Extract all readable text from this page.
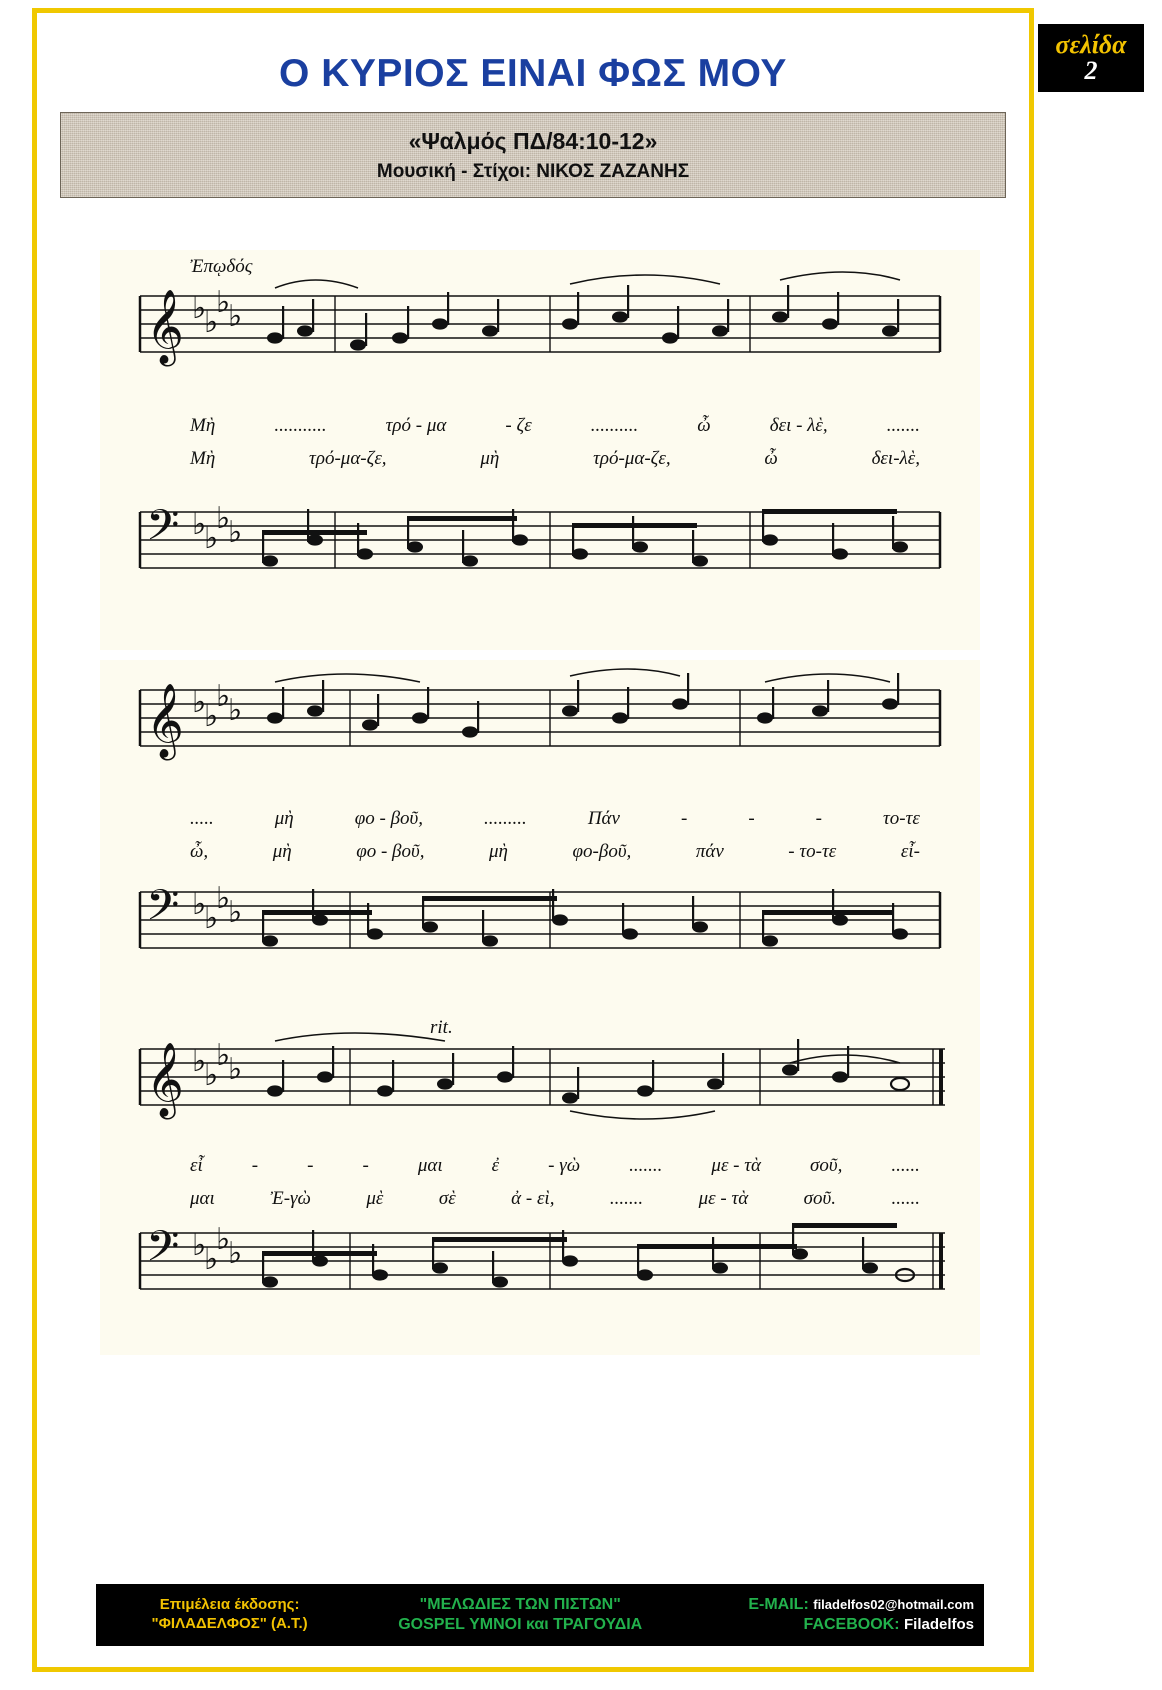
Ο ΚΥΡΙΟΣ ΕΙΝΑΙ ΦΩΣ ΜΟΥ
σελίδα
2
«Ψαλμός ΠΔ/84:10-12»
Μουσική - Στίχοι: ΝΙΚΟΣ ΖΑΖΑΝΗΣ
Ἐπῳδός
𝄞
𝄢
♭
♭
♭
♭
♭
♭
♭
♭
Μὴ	...........	τρό - μα	- ζε	..........	ὦ	δει - λὲ,	.......
Μὴ	τρό-μα-ζε,	μὴ	τρό-μα-ζε,	ὦ	δει-λὲ,
𝄞
𝄢
♭
♭
♭
♭
♭
♭
♭
♭
.....	μὴ	φο - βοῦ,	.........	Πάν	-	-	-	το-τε
ὦ,	μὴ	φο - βοῦ,	μὴ	φο-βοῦ,	πάν	- το-τε	εἶ-
rit.
𝄞
𝄢
♭
♭
♭
♭
♭
♭
♭
♭
εἶ	-	-	-	μαι	ἐ	- γὼ	.......	με - τὰ	σοῦ,	......
μαι	Ἐ-γὼ	μὲ	σὲ	ἀ - εὶ,	.......	με - τὰ	σοῦ.	......
Επιμέλεια έκδοσης:
"ΦΙΛΑΔΕΛΦΟΣ" (Α.Τ.)
"ΜΕΛΩΔΙΕΣ ΤΩΝ ΠΙΣΤΩΝ"
GOSPEL ΥΜΝΟΙ και ΤΡΑΓΟΥΔΙΑ
E-MAIL: filadelfos02@hotmail.com
FACEBOOK: Filadelfos
